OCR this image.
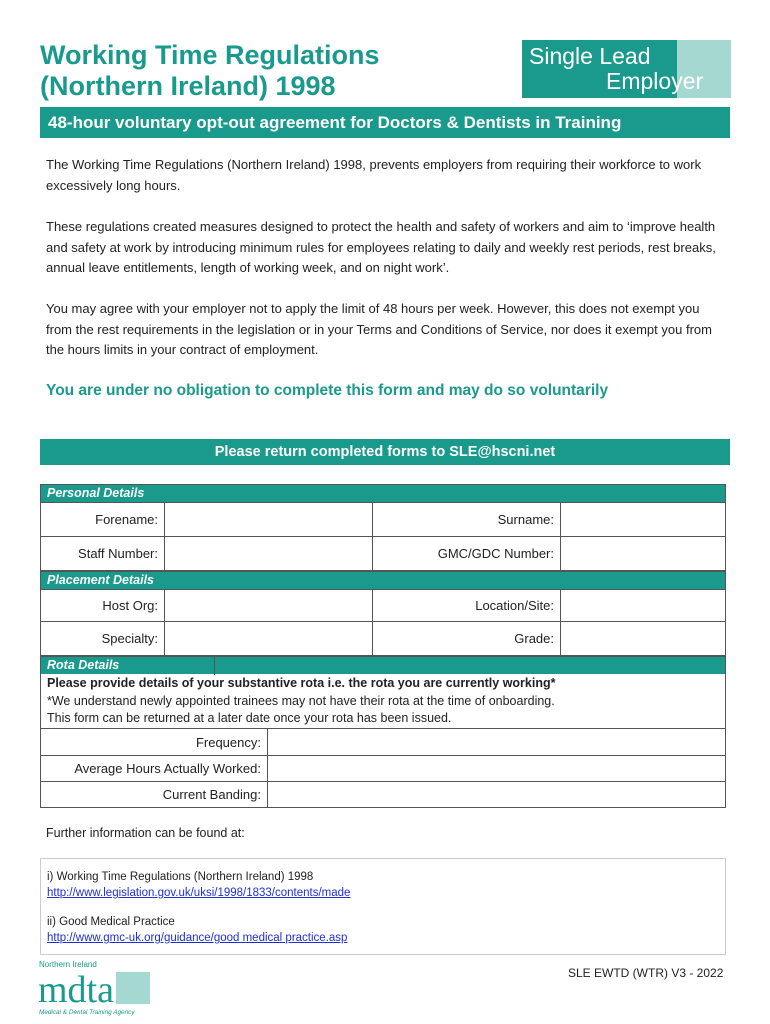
Working Time Regulations
(Northern Ireland) 1998
Single Lead
Employer
48-hour voluntary opt-out agreement for Doctors & Dentists in Training
The Working Time Regulations (Northern Ireland) 1998, prevents employers from requiring their workforce to work excessively long hours.
These regulations created measures designed to protect the health and safety of workers and aim to ‘improve health and safety at work by introducing minimum rules for employees relating to daily and weekly rest periods, rest breaks, annual leave entitlements, length of working week, and on night work’.
You may agree with your employer not to apply the limit of 48 hours per week. However, this does not exempt you from the rest requirements in the legislation or in your Terms and Conditions of Service, nor does it exempt you from the hours limits in your contract of employment.
You are under no obligation to complete this form and may do so voluntarily
Please return completed forms to SLE@hscni.net
Personal Details
Forename:	Surname:
Staff Number:	GMC/GDC Number:
Placement Details
Host Org:	Location/Site:
Specialty:	Grade:
Rota Details
Please provide details of your substantive rota i.e. the rota you are currently working*
*We understand newly appointed trainees may not have their rota at the time of onboarding.
This form can be returned at a later date once your rota has been issued.
Frequency:
Average Hours Actually Worked:
Current Banding:
Further information can be found at:
i) Working Time Regulations (Northern Ireland) 1998
http://www.legislation.gov.uk/uksi/1998/1833/contents/made
ii) Good Medical Practice
http://www.gmc-uk.org/guidance/good medical practice.asp
Northern Ireland
mdta
Medical & Dental Training Agency
SLE EWTD (WTR) V3 - 2022
